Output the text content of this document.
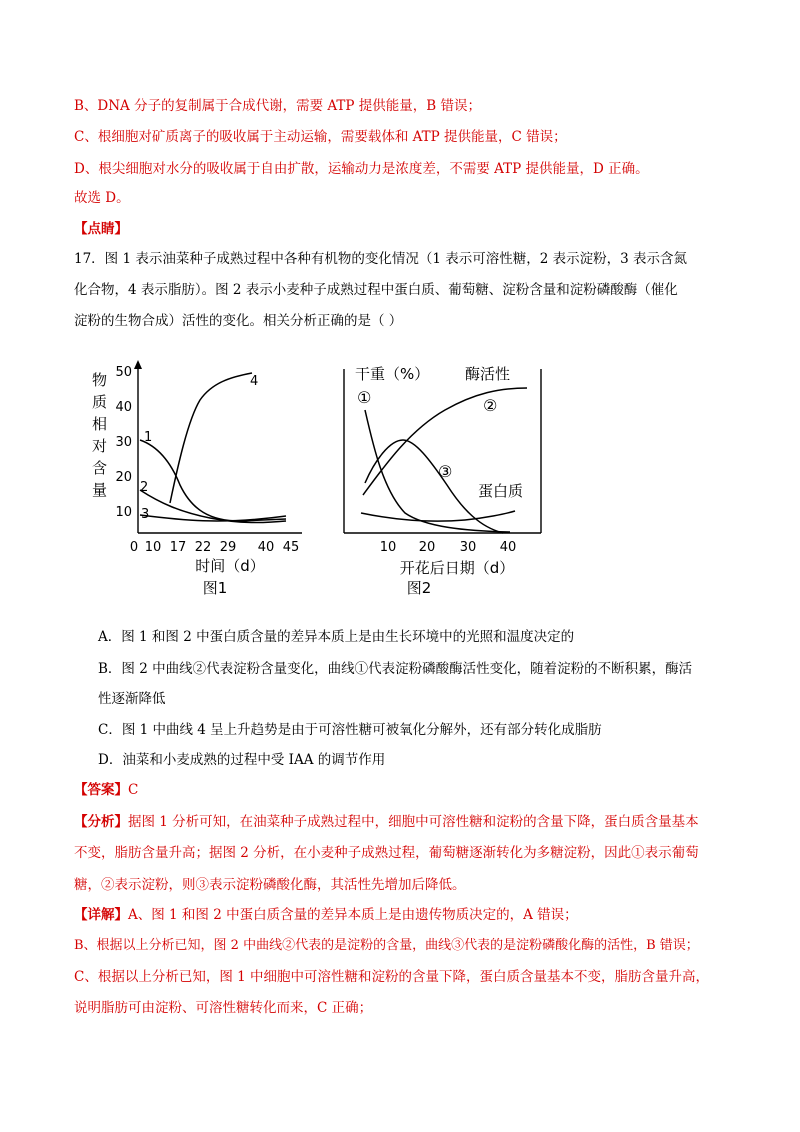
B、DNA 分子的复制属于合成代谢，需要 ATP 提供能量，B 错误；
C、根细胞对矿质离子的吸收属于主动运输，需要载体和 ATP 提供能量，C 错误；
D、根尖细胞对水分的吸收属于自由扩散，运输动力是浓度差，不需要 ATP 提供能量，D 正确。
故选 D。
【点睛】
17．图 1 表示油菜种子成熟过程中各种有机物的变化情况（1 表示可溶性糖，2 表示淀粉，3 表示含氮
化合物，4 表示脂肪）。图 2 表示小麦种子成熟过程中蛋白质、葡萄糖、淀粉含量和淀粉磷酸酶（催化
淀粉的生物合成）活性的变化。相关分析正确的是（ ）
物
质
相
对
含
量
50
40
30
20
10
0 10 17 22 29 40 45
1
2
3
4
时间（d）
图1
干重（%） 酶活性
10 20 30 40
①	②
③
蛋白质
开花后日期（d）
图2
A．图 1 和图 2 中蛋白质含量的差异本质上是由生长环境中的光照和温度决定的
B．图 2 中曲线②代表淀粉含量变化，曲线①代表淀粉磷酸酶活性变化，随着淀粉的不断积累，酶活
性逐渐降低
C．图 1 中曲线 4 呈上升趋势是由于可溶性糖可被氧化分解外，还有部分转化成脂肪
D．油菜和小麦成熟的过程中受 IAA 的调节作用
【答案】C
【分析】据图 1 分析可知，在油菜种子成熟过程中，细胞中可溶性糖和淀粉的含量下降，蛋白质含量基本
不变，脂肪含量升高；据图 2 分析，在小麦种子成熟过程，葡萄糖逐渐转化为多糖淀粉，因此①表示葡萄
糖，②表示淀粉，则③表示淀粉磷酸化酶，其活性先增加后降低。
【详解】A、图 1 和图 2 中蛋白质含量的差异本质上是由遗传物质决定的，A 错误；
B、根据以上分析已知，图 2 中曲线②代表的是淀粉的含量，曲线③代表的是淀粉磷酸化酶的活性，B 错误；
C、根据以上分析已知，图 1 中细胞中可溶性糖和淀粉的含量下降，蛋白质含量基本不变，脂肪含量升高，
说明脂肪可由淀粉、可溶性糖转化而来，C 正确；
